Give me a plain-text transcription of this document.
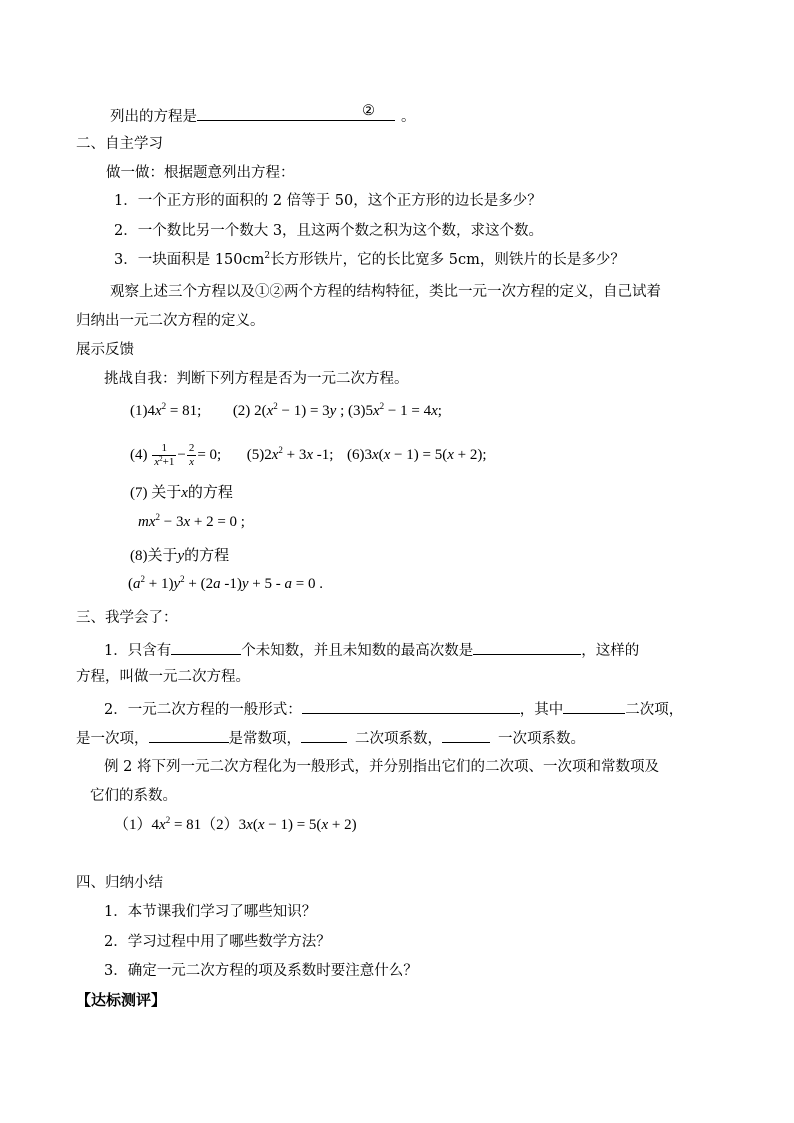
列出的方程是	② 。
二、自主学习
做一做：根据题意列出方程：
1．一个正方形的面积的 2 倍等于 50，这个正方形的边长是多少？
2．一个数比另一个数大 3，且这两个数之积为这个数，求这个数。
3．一块面积是 $150cm^2$长方形铁片，它的长比宽多 5cm，则铁片的长是多少？
观察上述三个方程以及①②两个方程的结构特征，类比一元一次方程的定义，自己试着
归纳出一元二次方程的定义。
展示反馈
挑战自我：判断下列方程是否为一元二次方程。
$(1)4x^2 = 81$;  (2) $2(x^2 - 1) = 3y$ ; $(3)5x^2 - 1 = 4x$;
$(4) \frac{1}{x^2+1} - \frac{2}{x} = 0$;  $(5)2x^2 + 3x$ -1;  (6)3x(x − 1) = 5(x + 2);
(7) 关于x的方程
$mx^2 - 3x + 2 = 0$ ;
(8)关于y的方程
$(a^2 + 1)y^2 + (2a$ -1)y + 5 - a = 0 .
三、我学会了：
1．只含有	个未知数，并且未知数的最高次数是	，这样的
方程，叫做一元二次方程。
2．一元二次方程的一般形式：	，其中	二次项，
是一次项，	是常数项，	二次项系数，	一次项系数。
例 2 将下列一元二次方程化为一般形式，并分别指出它们的二次项、一次项和常数项及
它们的系数。
$(1)4x^2 = 81(2)3x(x - 1) = 5(x + 2)$
四、归纳小结
1．本节课我们学习了哪些知识？
2．学习过程中用了哪些数学方法？
3．确定一元二次方程的项及系数时要注意什么？
【达标测评】
